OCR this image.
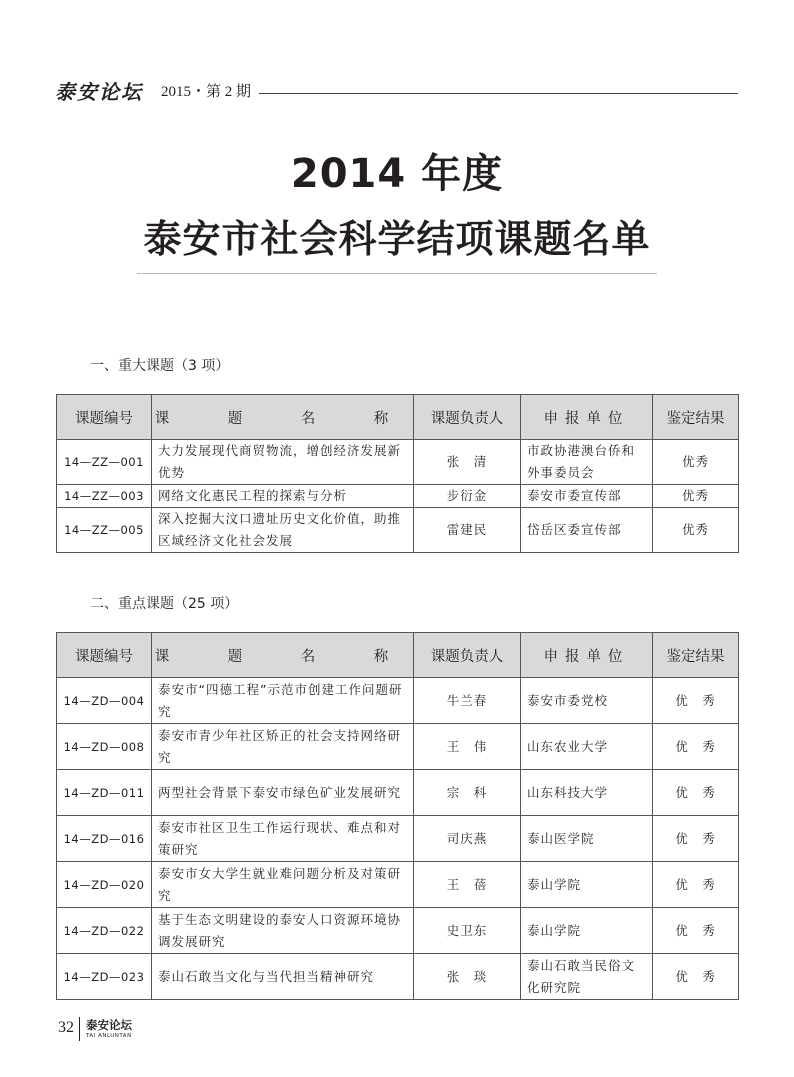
泰安论坛 2015・第 2 期
2014 年度
泰安市社会科学结项课题名单
一、重大课题（3 项）
课题编号	课　题　名　称	课题负责人	申报单位	鉴定结果
14—ZZ—001	大力发展现代商贸物流，增创经济发展新优势	张　清	市政协港澳台侨和外事委员会	优秀
14—ZZ—003	网络文化惠民工程的探索与分析	步衍金	泰安市委宣传部	优秀
14—ZZ—005	深入挖掘大汶口遗址历史文化价值，助推区域经济文化社会发展	雷建民	岱岳区委宣传部	优秀
二、重点课题（25 项）
课题编号	课　题　名　称	课题负责人	申报单位	鉴定结果
14—ZD—004	泰安市“四德工程”示范市创建工作问题研究	牛兰春	泰安市委党校	优　秀
14—ZD—008	泰安市青少年社区矫正的社会支持网络研究	王　伟	山东农业大学	优　秀
14—ZD—011	两型社会背景下泰安市绿色矿业发展研究	宗　科	山东科技大学	优　秀
14—ZD—016	泰安市社区卫生工作运行现状、难点和对策研究	司庆燕	泰山医学院	优　秀
14—ZD—020	泰安市女大学生就业难问题分析及对策研究	王　蓓	泰山学院	优　秀
14—ZD—022	基于生态文明建设的泰安人口资源环境协调发展研究	史卫东	泰山学院	优　秀
14—ZD—023	泰山石敢当文化与当代担当精神研究	张　琰	泰山石敢当民俗文化研究院	优　秀
32 泰安论坛
TAI ANLUNTAN
